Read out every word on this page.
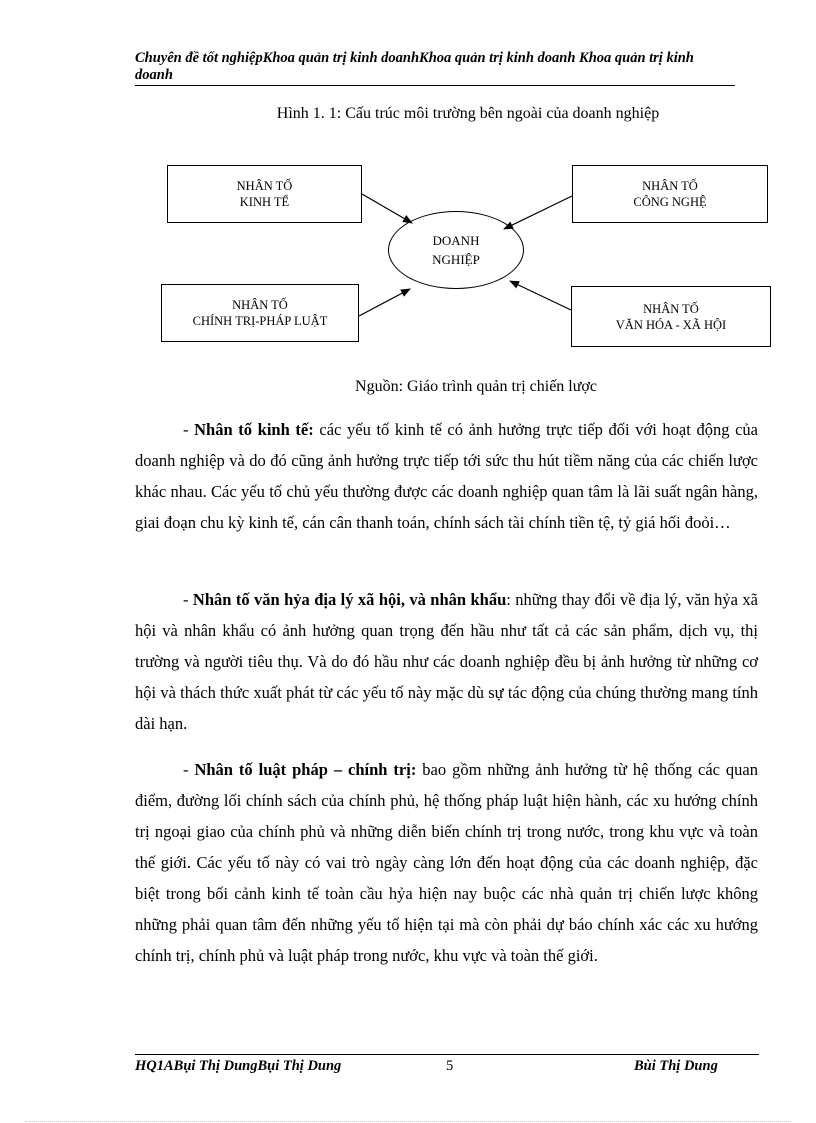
Chuyên đề tốt nghiệpKhoa quản trị kinh doanhKhoa quản trị kinh doanh Khoa quản trị kinh doanh
Hình 1. 1: Cấu trúc môi trường bên ngoài của doanh nghiệp
NHÂN TỐ
KINH TẾ
NHÂN TỐ
CÔNG NGHỆ
NHÂN TỐ
CHÍNH TRỊ-PHÁP LUẬT
NHÂN TỐ
VĂN HÓA - XÃ HỘI
DOANH
NGHIỆP
Nguồn: Giáo trình quản trị chiến lược

- Nhân tố kinh tế: các yếu tố kinh tế có ảnh hưởng trực tiếp đối với hoạt động của doanh nghiệp và do đó cũng ảnh hưởng trực tiếp tới sức thu hút tiềm năng của các chiến lược khác nhau. Các yếu tố chủ yếu thường được các doanh nghiệp quan tâm là lãi suất ngân hàng, giai đoạn chu kỳ kinh tế, cán cân thanh toán, chính sách tài chính tiền tệ, tỷ giá hối đoỏi…

- Nhân tố văn hỷa địa lý xã hội, và nhân khẩu: những thay đổi về địa lý, văn hỷa xã hội và nhân khẩu có ảnh hưởng quan trọng đến hầu như tất cả các sản phẩm, dịch vụ, thị trường và người tiêu thụ. Và do đó hầu như các doanh nghiệp đều bị ảnh hưởng từ những cơ hội và thách thức xuất phát từ các yếu tố này mặc dù sự tác động của chúng thường mang tính dài hạn.

- Nhân tố luật pháp – chính trị: bao gồm những ảnh hưởng từ hệ thống các quan điểm, đường lối chính sách của chính phủ, hệ thống pháp luật hiện hành, các xu hướng chính trị ngoại giao của chính phủ và những diễn biến chính trị trong nước, trong khu vực và toàn thế giới. Các yếu tố này có vai trò ngày càng lớn đến hoạt động của các doanh nghiệp, đặc biệt trong bối cảnh kinh tế toàn cầu hỷa hiện nay buộc các nhà quản trị chiến lược không những phải quan tâm đến những yếu tố hiện tại mà còn phải dự báo chính xác các xu hướng chính trị, chính phủ và luật pháp trong nước, khu vực và toàn thế giới.

HQ1ABụi Thị DungBụi Thị Dung	5	Bùi Thị Dung
